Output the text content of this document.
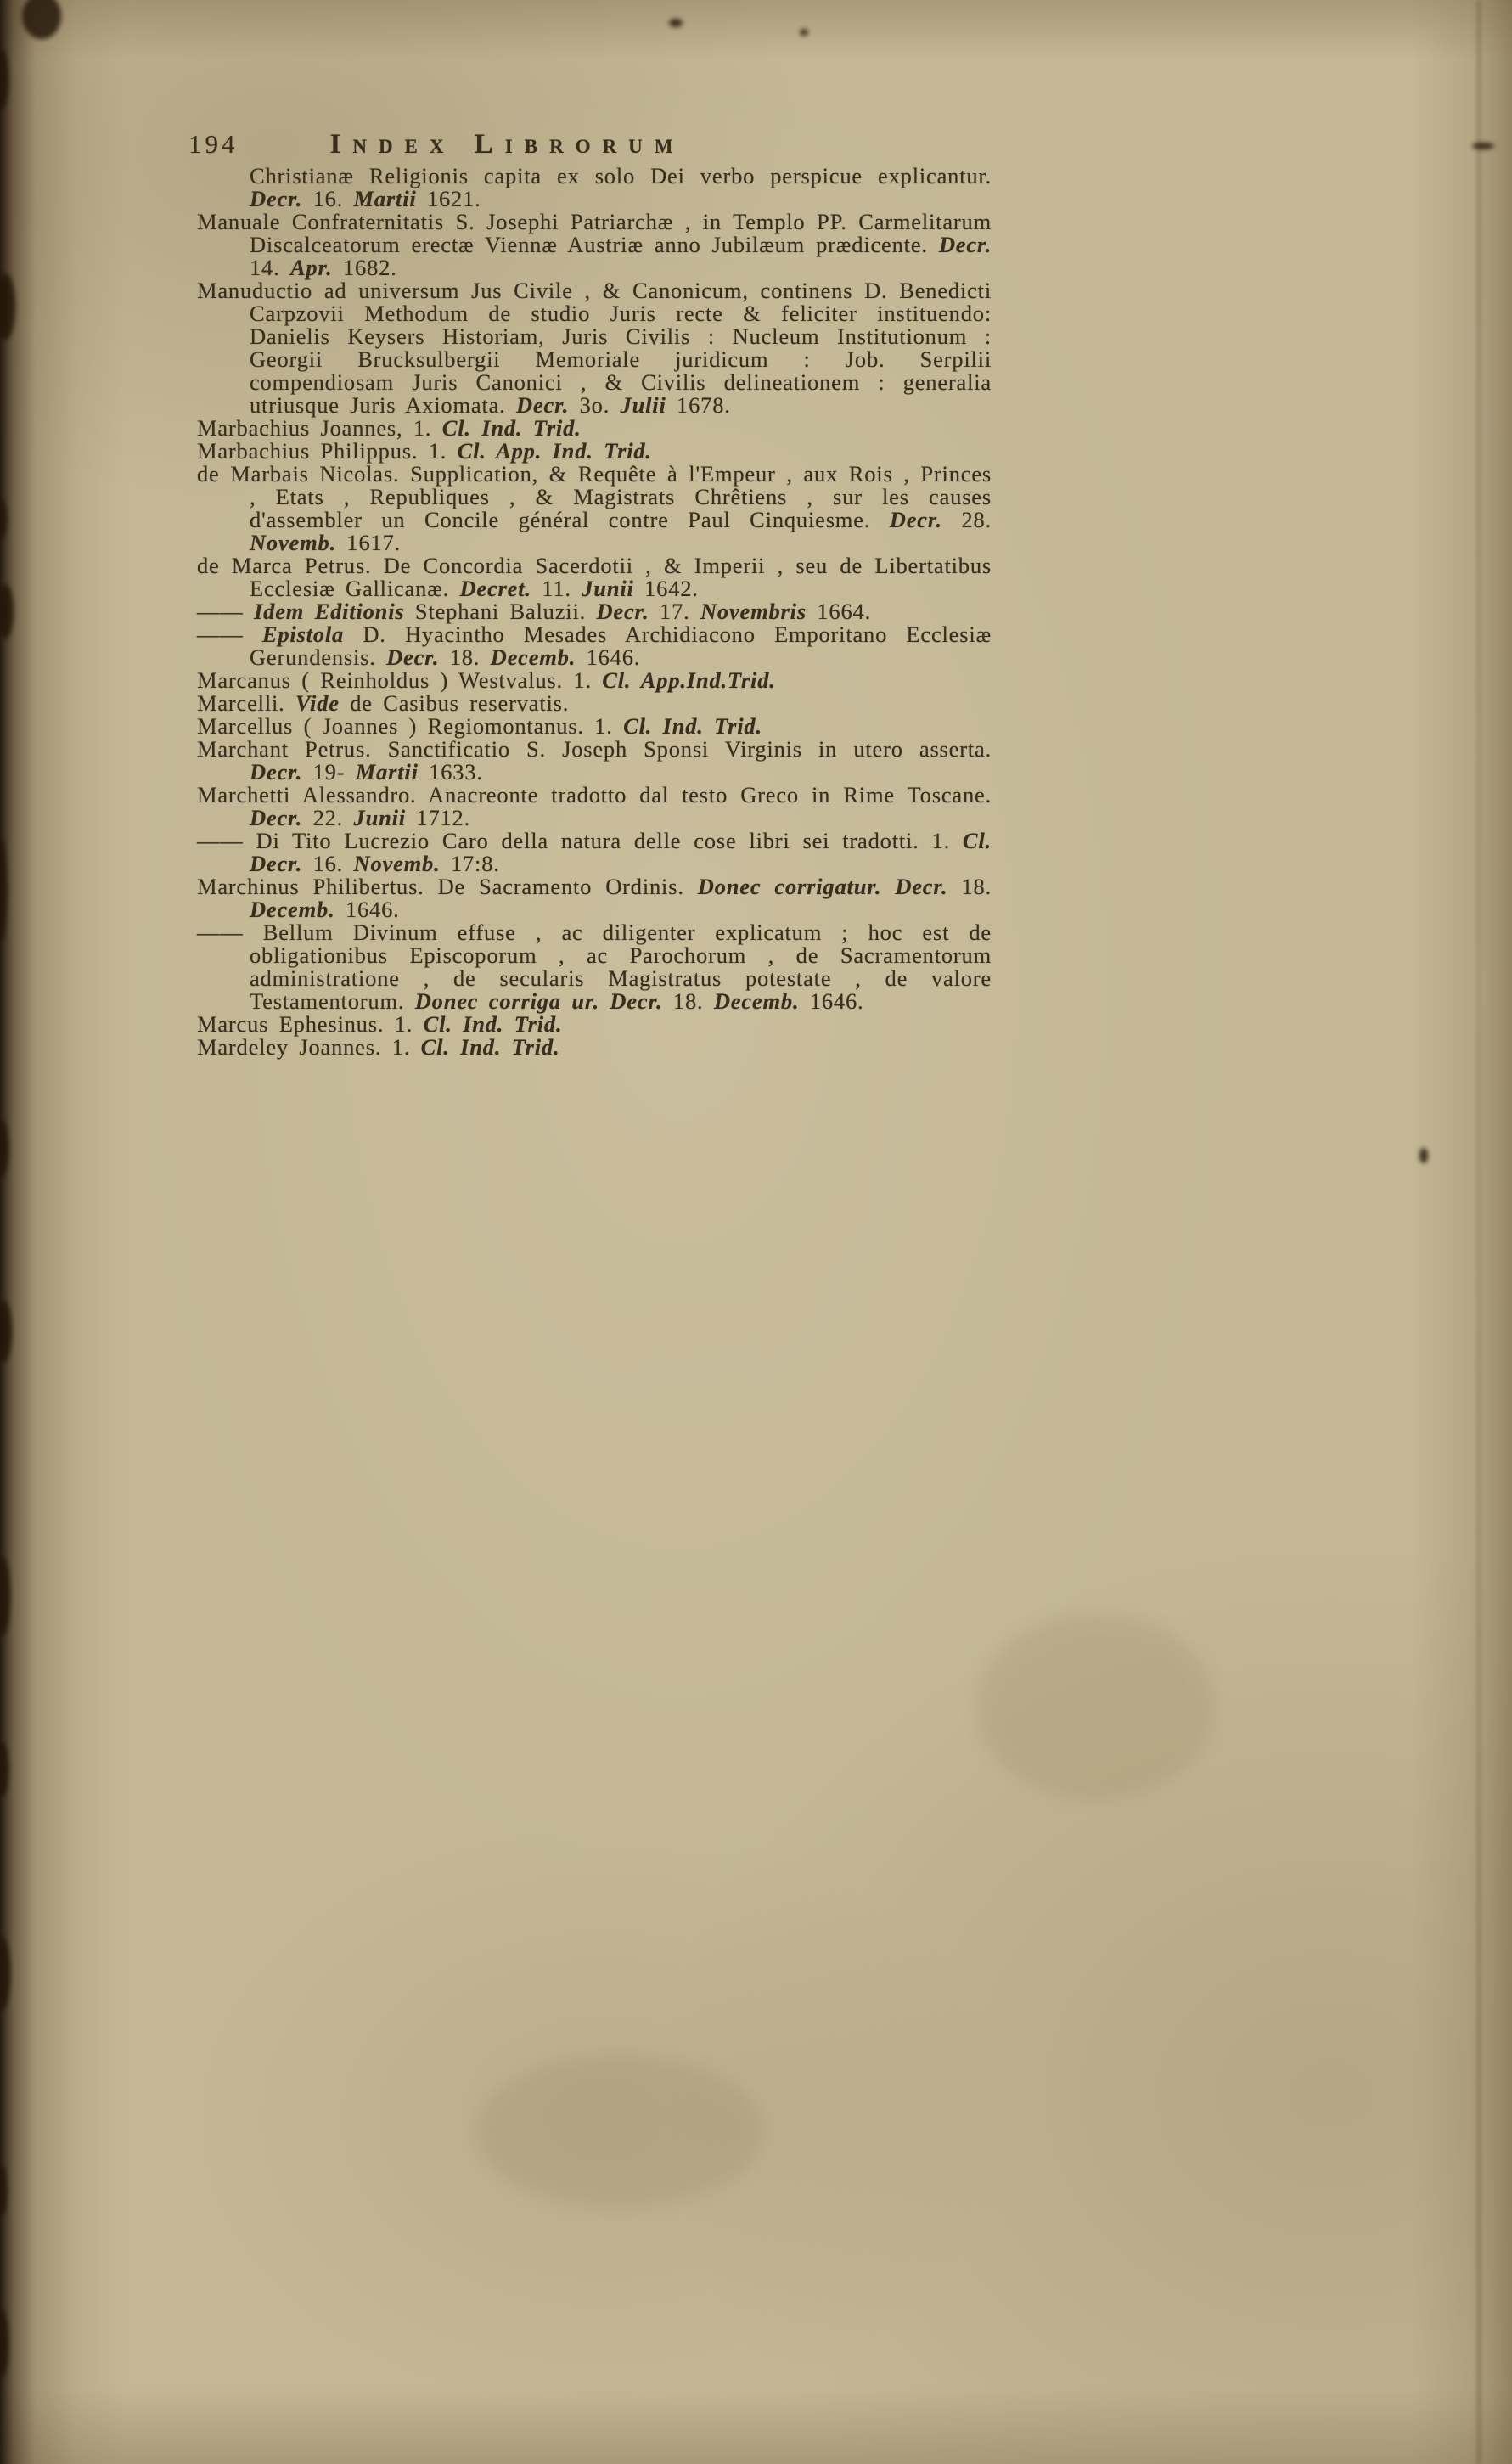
194	Index Librorum

Christianæ Religionis capita ex solo Dei verbo perspicue explicantur. Decr. 16. Martii 1621.

Manuale Confraternitatis S. Josephi Patriarchæ , in Templo PP. Carmelitarum Discalceatorum erectæ Viennæ Austriæ anno Jubilæum prædicente. Decr. 14. Apr. 1682.

Manuductio ad universum Jus Civile , & Canonicum, continens D. Benedicti Carpzovii Methodum de studio Juris recte & feliciter instituendo: Danielis Keysers Historiam, Juris Civilis : Nucleum Institutionum : Georgii Brucksulbergii Memoriale juridicum : Job. Serpilii compendiosam Juris Canonici , & Civilis delineationem : generalia utriusque Juris Axiomata. Decr. 3o. Julii 1678.

Marbachius Joannes, 1. Cl. Ind. Trid.

Marbachius Philippus. 1. Cl. App. Ind. Trid.

de Marbais Nicolas. Supplication, & Requête à l'Empeur , aux Rois , Princes , Etats , Republiques , & Magistrats Chrêtiens , sur les causes d'assembler un Concile général contre Paul Cinquiesme. Decr. 28. Novemb. 1617.

de Marca Petrus. De Concordia Sacerdotii , & Imperii , seu de Libertatibus Ecclesiæ Gallicanæ. Decret. 11. Junii 1642.

—— Idem Editionis Stephani Baluzii. Decr. 17. Novembris 1664.

—— Epistola D. Hyacintho Mesades Archidiacono Emporitano Ecclesiæ Gerundensis. Decr. 18. Decemb. 1646.

Marcanus ( Reinholdus ) Westvalus. 1. Cl. App.Ind.Trid.

Marcelli. Vide de Casibus reservatis.

Marcellus ( Joannes ) Regiomontanus. 1. Cl. Ind. Trid.

Marchant Petrus. Sanctificatio S. Joseph Sponsi Virginis in utero asserta. Decr. 19- Martii 1633.

Marchetti Alessandro. Anacreonte tradotto dal testo Greco in Rime Toscane. Decr. 22. Junii 1712.

—— Di Tito Lucrezio Caro della natura delle cose libri sei tradotti. 1. Cl. Decr. 16. Novemb. 17:8.

Marchinus Philibertus. De Sacramento Ordinis. Donec corrigatur. Decr. 18. Decemb. 1646.

—— Bellum Divinum effuse , ac diligenter explicatum ; hoc est de obligationibus Episcoporum , ac Parochorum , de Sacramentorum administratione , de secularis Magistratus potestate , de valore Testamentorum. Donec corriga ur. Decr. 18. Decemb. 1646.

Marcus Ephesinus. 1. Cl. Ind. Trid.

Mardeley Joannes. 1. Cl. Ind. Trid.
